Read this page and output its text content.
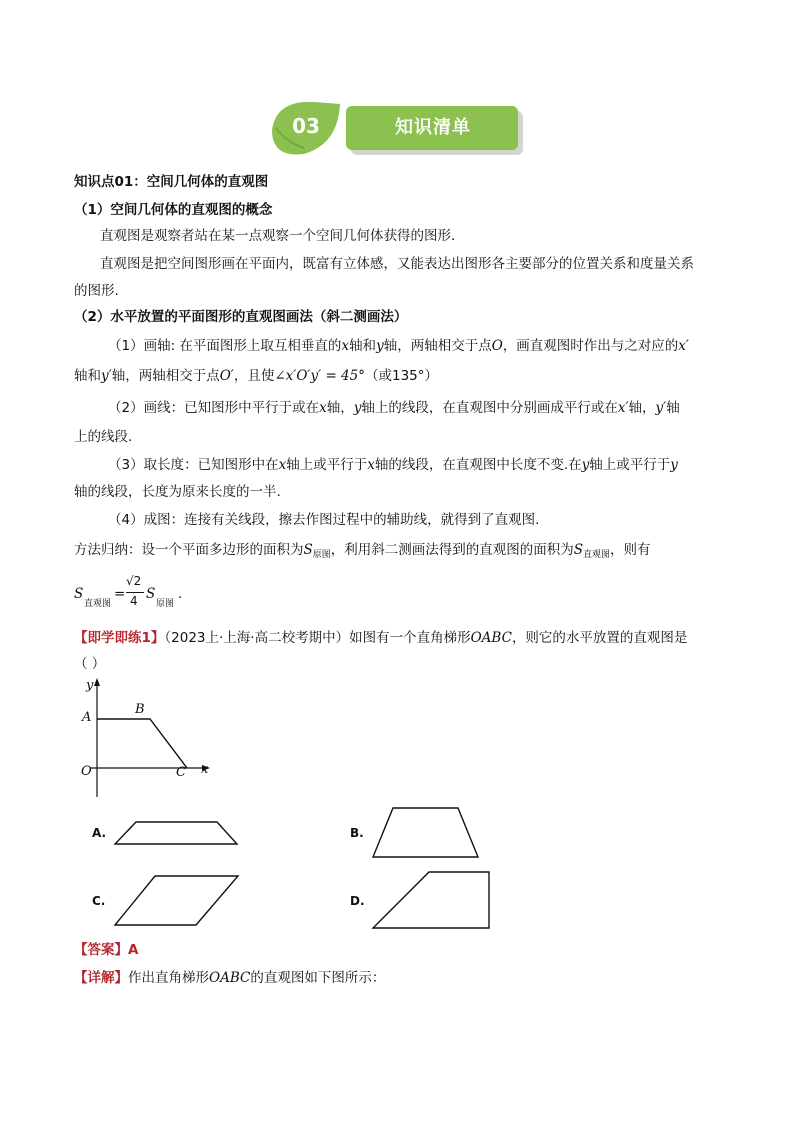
03	知识清单
知识点01：空间几何体的直观图
（1）空间几何体的直观图的概念
直观图是观察者站在某一点观察一个空间几何体获得的图形.
直观图是把空间图形画在平面内，既富有立体感，又能表达出图形各主要部分的位置关系和度量关系
的图形.
（2）水平放置的平面图形的直观图画法（斜二测画法）
（1）画轴: 在平面图形上取互相垂直的x轴和y轴，两轴相交于点O，画直观图时作出与之对应的x′
轴和y′轴，两轴相交于点O′，且使∠x′O′y′ = 45°（或135°）
（2）画线：已知图形中平行于或在x轴，y轴上的线段，在直观图中分别画成平行或在x′轴，y′轴
上的线段.
（3）取长度：已知图形中在x轴上或平行于x轴的线段，在直观图中长度不变.在y轴上或平行于y
轴的线段，长度为原来长度的一半.
（4）成图：连接有关线段，擦去作图过程中的辅助线，就得到了直观图.
方法归纳：设一个平面多边形的面积为$S_{原图}$，利用斜二测画法得到的直观图的面积为$S_{直观图}$，则有
S
直观图
=
√2
4 S
原图
.
【即学即练1】（2023上·上海·高二校考期中）如图有一个直角梯形OABC，则它的水平放置的直观图是
（ ）
y
A
B
O	C x
A.	B.
C.	D.
【答案】A
【详解】作出直角梯形OABC的直观图如下图所示：
